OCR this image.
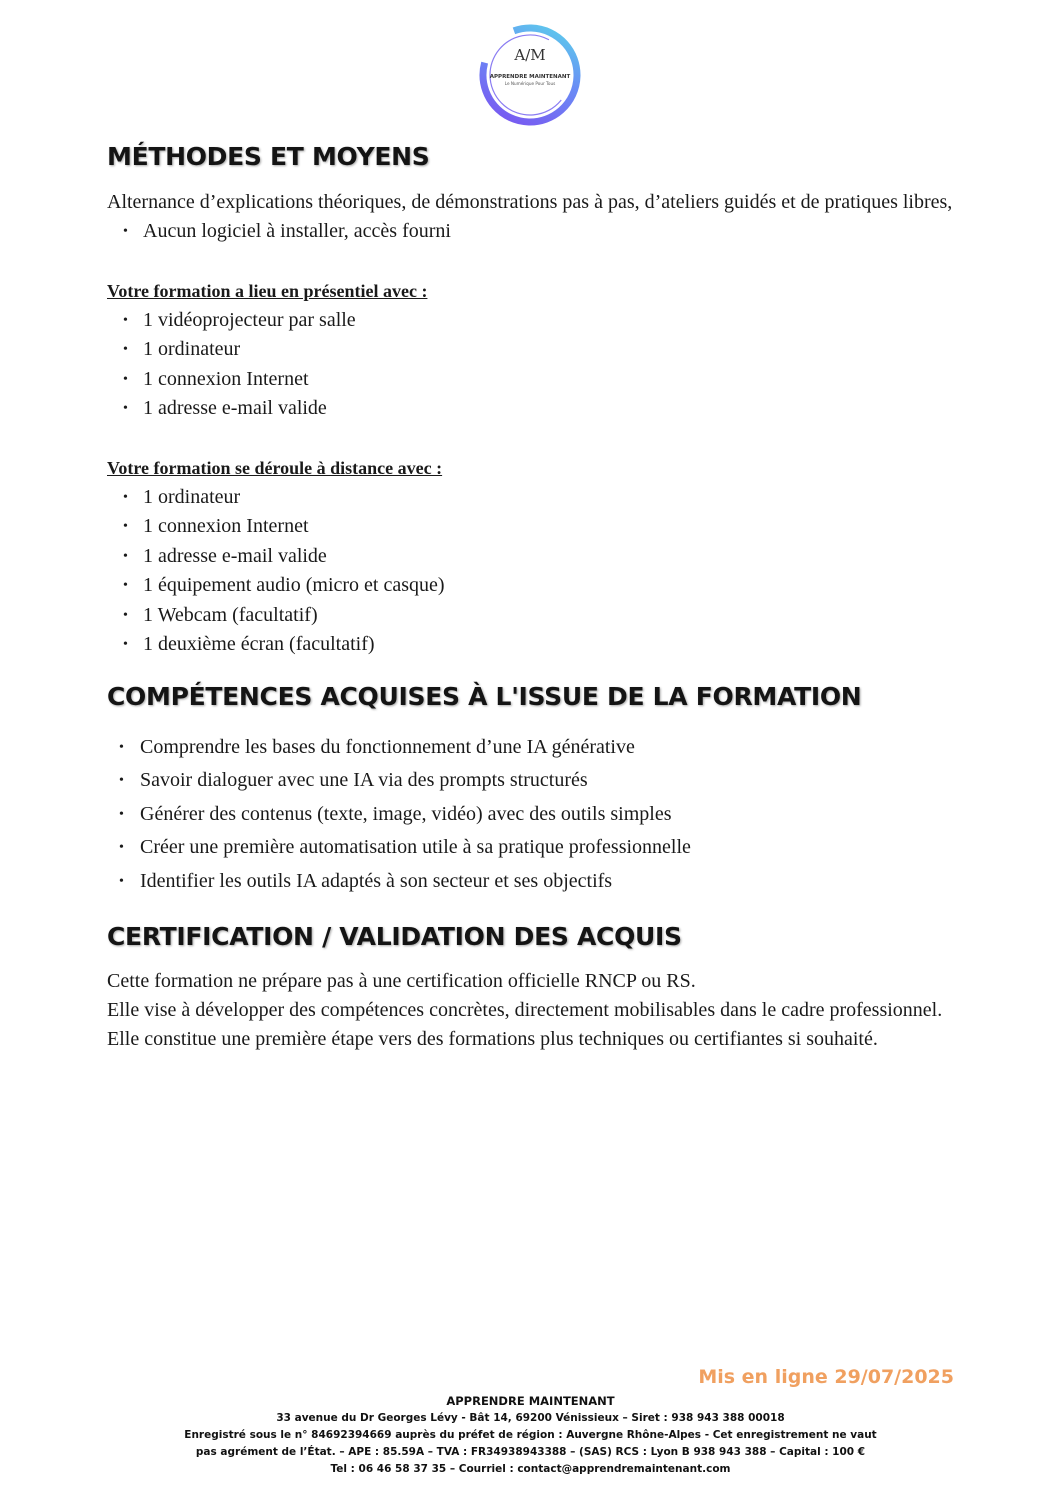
A/M
APPRENDRE MAINTENANT
Le Numérique Pour Tous
MÉTHODES ET MOYENS

Alternance d’explications théoriques, de démonstrations pas à pas, d’ateliers guidés et de pratiques libres,

• Aucun logiciel à installer, accès fourni
Votre formation a lieu en présentiel avec :
• 1 vidéoprojecteur par salle
• 1 ordinateur
• 1 connexion Internet
• 1 adresse e-mail valide
Votre formation se déroule à distance avec :
• 1 ordinateur
• 1 connexion Internet
• 1 adresse e-mail valide
• 1 équipement audio (micro et casque)
• 1 Webcam (facultatif)
• 1 deuxième écran (facultatif)
COMPÉTENCES ACQUISES À L'ISSUE DE LA FORMATION
• Comprendre les bases du fonctionnement d’une IA générative
• Savoir dialoguer avec une IA via des prompts structurés
• Générer des contenus (texte, image, vidéo) avec des outils simples
• Créer une première automatisation utile à sa pratique professionnelle
• Identifier les outils IA adaptés à son secteur et ses objectifs
CERTIFICATION / VALIDATION DES ACQUIS

Cette formation ne prépare pas à une certification officielle RNCP ou RS.

Elle vise à développer des compétences concrètes, directement mobilisables dans le cadre professionnel.

Elle constitue une première étape vers des formations plus techniques ou certifiantes si souhaité.

Mis en ligne 29/07/2025
APPRENDRE MAINTENANT
33 avenue du Dr Georges Lévy - Bât 14, 69200 Vénissieux – Siret : 938 943 388 00018
Enregistré sous le n° 84692394669 auprès du préfet de région : Auvergne Rhône-Alpes - Cet enregistrement ne vaut
pas agrément de l’État. – APE : 85.59A – TVA : FR34938943388 – (SAS) RCS : Lyon B 938 943 388 – Capital : 100 €
Tel : 06 46 58 37 35 – Courriel : contact@apprendremaintenant.com
